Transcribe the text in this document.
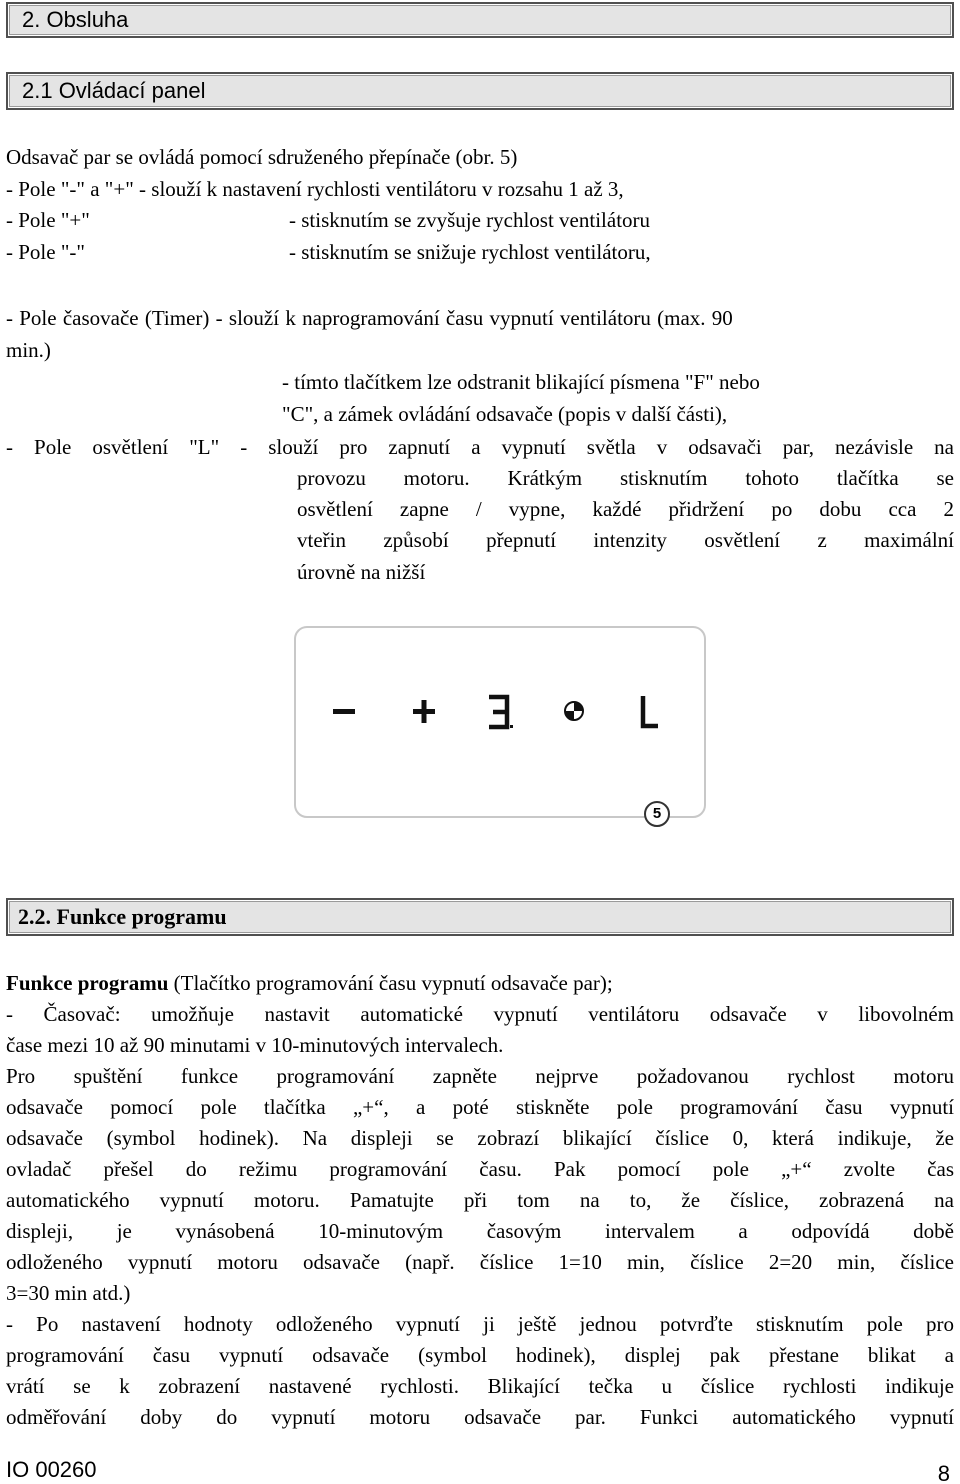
2. Obsluha
2.1 Ovládací panel
Odsavač par se ovládá pomocí sdruženého přepínače (obr. 5)
- Pole "-" a "+" - slouží k nastavení rychlosti ventilátoru v rozsahu 1 až 3,
- Pole "+"	- stisknutím se zvyšuje rychlost ventilátoru
- Pole "-"	- stisknutím se snižuje rychlost ventilátoru,
- Pole časovače (Timer) - slouží k naprogramování času vypnutí ventilátoru (max. 90
min.)
- tímto tlačítkem lze odstranit blikající písmena "F" nebo
"C", a zámek ovládání odsavače (popis v další části),
- Pole osvětlení "L" - slouží pro zapnutí a vypnutí světla v odsavači par, nezávisle na
provozu motoru. Krátkým stisknutím tohoto tlačítka se
osvětlení zapne / vypne, každé přidržení po dobu cca 2
vteřin způsobí přepnutí intenzity osvětlení z maximální
úrovně na nižší
5
2.2. Funkce programu
Funkce programu (Tlačítko programování času vypnutí odsavače par);
- Časovač: umožňuje nastavit automatické vypnutí ventilátoru odsavače v libovolném
čase mezi 10 až 90 minutami v 10-minutových intervalech.
Pro spuštění funkce programování zapněte nejprve požadovanou rychlost motoru
odsavače pomocí pole tlačítka „+“, a poté stiskněte pole programování času vypnutí
odsavače (symbol hodinek). Na displeji se zobrazí blikající číslice 0, která indikuje, že
ovladač přešel do režimu programování času. Pak pomocí pole „+“ zvolte čas
automatického vypnutí motoru. Pamatujte při tom na to, že číslice, zobrazená na
displeji, je vynásobená 10-minutovým časovým intervalem a odpovídá době
odloženého vypnutí motoru odsavače (např. číslice 1=10 min, číslice 2=20 min, číslice
3=30 min atd.)
- Po nastavení hodnoty odloženého vypnutí ji ještě jednou potvrďte stisknutím pole pro
programování času vypnutí odsavače (symbol hodinek), displej pak přestane blikat a
vrátí se k zobrazení nastavené rychlosti. Blikající tečka u číslice rychlosti indikuje
odměřování doby do vypnutí motoru odsavače par. Funkci automatického vypnutí
IO 00260	8
